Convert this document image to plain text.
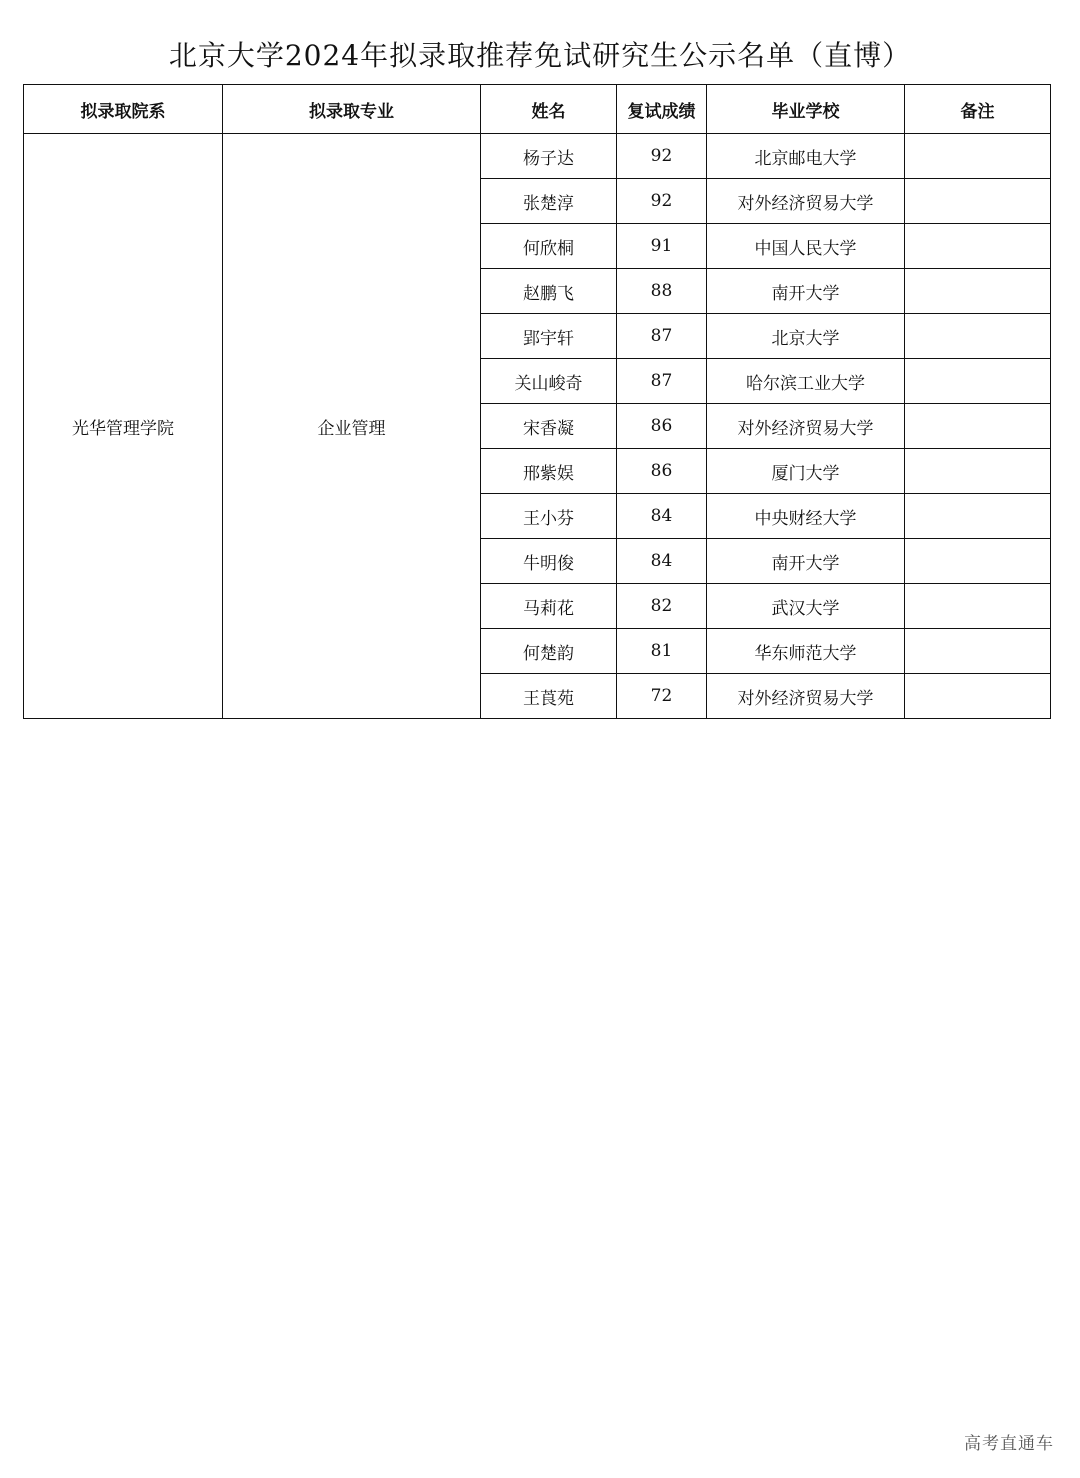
北京大学2024年拟录取推荐免试研究生公示名单（直博）
拟录取院系	拟录取专业	姓名	复试成绩	毕业学校	备注
光华管理学院	企业管理	杨子达	92	北京邮电大学	
		张楚淳	92	对外经济贸易大学	
		何欣桐	91	中国人民大学	
		赵鹏飞	88	南开大学	
		郢宇轩	87	北京大学	
		关山峻奇	87	哈尔滨工业大学	
		宋香凝	86	对外经济贸易大学	
		邢紫娱	86	厦门大学	
		王小芬	84	中央财经大学	
		牛明俊	84	南开大学	
		马莉花	82	武汉大学	
		何楚韵	81	华东师范大学	
		王莨苑	72	对外经济贸易大学	
高考直通车
